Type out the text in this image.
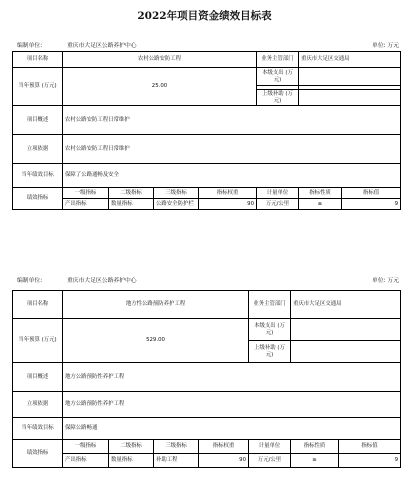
2022年项目资金绩效目标表
编制单位:	重庆市大足区公路养护中心	单位: 万元
项目名称	农村公路安防工程				业务主管部门	重庆市大足区交通局	
当年预算 (万元)	25.00				本级支出 (万元)		

					上级补助 (万元)		
项目概述	农村公路安防工程日常维护						
立项依据	农村公路安防工程日常维护						
当年绩效目标	保障了公路通畅及安全						
绩效指标	一级指标	二级指标	三级指标	指标权重	计量单位	指标性质	指标值
	产出指标	数量指标	公路安全防护栏	90	万元/公里	≥	9
编制单位:	重庆市大足区公路养护中心	单位: 万元
项目名称	地方性公路预防养护工程				业务主管部门	重庆市大足区交通局	
当年预算 (万元)	529.00				本级支出 (万元)		
					上级补助 (万元)		
项目概述	地方公路预防性养护工程						
立项依据	地方公路预防性养护工程						
当年绩效目标	保障公路畅通						
绩效指标	一级指标	二级指标	三级指标	指标权重	计量单位	指标性质	指标值
	产出指标	数量指标	补助工程	90	万元/公里	≥	9
